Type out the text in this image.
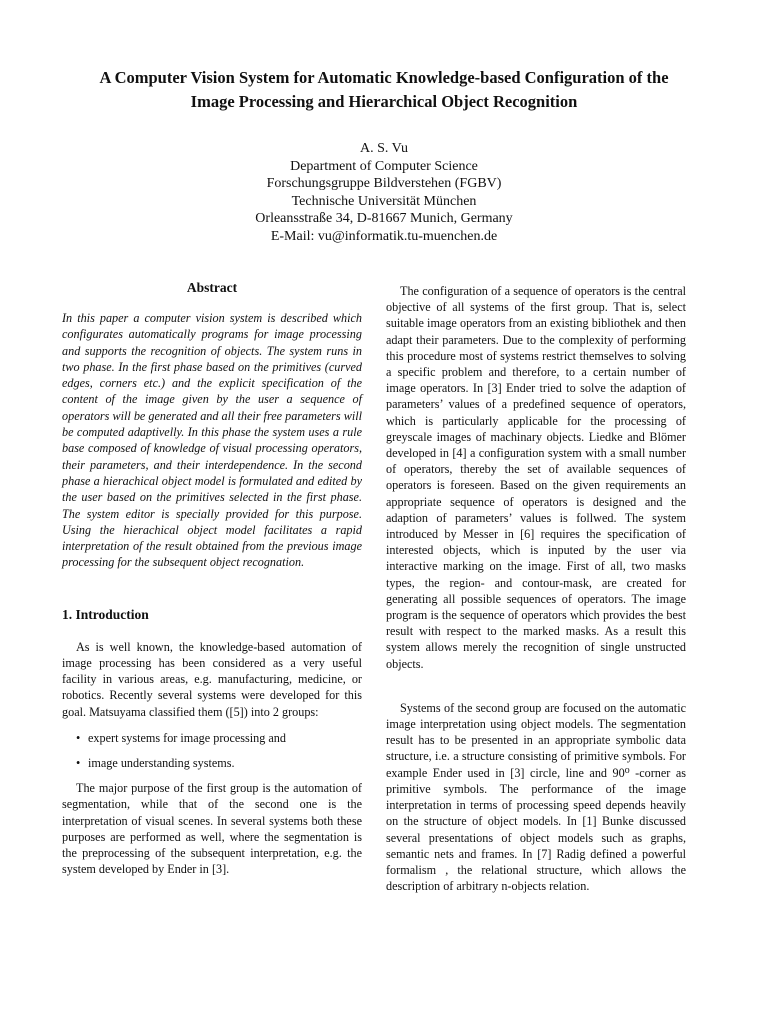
A Computer Vision System for Automatic Knowledge-based Configuration of the
Image Processing and Hierarchical Object Recognition
A. S. Vu
Department of Computer Science
Forschungsgruppe Bildverstehen (FGBV)
Technische Universität München
Orleansstraße 34, D-81667 Munich, Germany
E-Mail: vu@informatik.tu-muenchen.de
Abstract

In this paper a computer vision system is described which configurates automatically programs for image processing and supports the recognition of objects. The system runs in two phase. In the first phase based on the primitives (curved edges, corners etc.) and the explicit specification of the content of the image given by the user a sequence of operators will be generated and all their free parameters will be computed adaptivelly. In this phase the system uses a rule base composed of knowledge of visual processing operators, their parameters, and their interdependence. In the second phase a hierachical object model is formulated and edited by the user based on the primitives selected in the first phase. The system editor is specially provided for this purpose. Using the hierachical object model facilitates a rapid interpretation of the result obtained from the previous image processing for the subsequent object recognation.

1. Introduction

As is well known, the knowledge-based automation of image processing has been considered as a very useful facility in various areas, e.g. manufacturing, medicine, or robotics. Recently several systems were developed for this goal. Matsuyama classified them ([5]) into 2 groups:

• expert systems for image processing and
• image understanding systems.

The major purpose of the first group is the automation of segmentation, while that of the second one is the interpretation of visual scenes. In several systems both these purposes are performed as well, where the segmentation is the preprocessing of the subsequent interpretation, e.g. the system developed by Ender in [3].

The configuration of a sequence of operators is the central objective of all systems of the first group. That is, select suitable image operators from an existing bibliothek and then adapt their parameters. Due to the complexity of performing this procedure most of systems restrict themselves to solving a specific problem and therefore, to a certain number of image operators. In [3] Ender tried to solve the adaption of parameters’ values of a predefined sequence of operators, which is particularly applicable for the processing of greyscale images of machinary objects. Liedke and Blömer developed in [4] a configuration system with a small number of operators, thereby the set of available sequences of operators is foreseen. Based on the given requirements an appropriate sequence of operators is designed and the adaption of parameters’ values is follwed. The system introduced by Messer in [6] requires the specification of interested objects, which is inputed by the user via interactive marking on the image. First of all, two masks types, the region- and contour-mask, are created for generating all possible sequences of operators. The image program is the sequence of operators which provides the best result with respect to the marked masks. As a result this system allows merely the recognition of single unstructed objects.

Systems of the second group are focused on the automatic image interpretation using object models. The segmentation result has to be presented in an appropriate symbolic data structure, i.e. a structure consisting of primitive symbols. For example Ender used in [3] circle, line and 90⁰ -corner as primitive symbols. The performance of the image interpretation in terms of processing speed depends heavily on the structure of object models. In [1] Bunke discussed several presentations of object models such as graphs, semantic nets and frames. In [7] Radig defined a powerful formalism , the relational structure, which allows the description of arbitrary n-objects relation.
